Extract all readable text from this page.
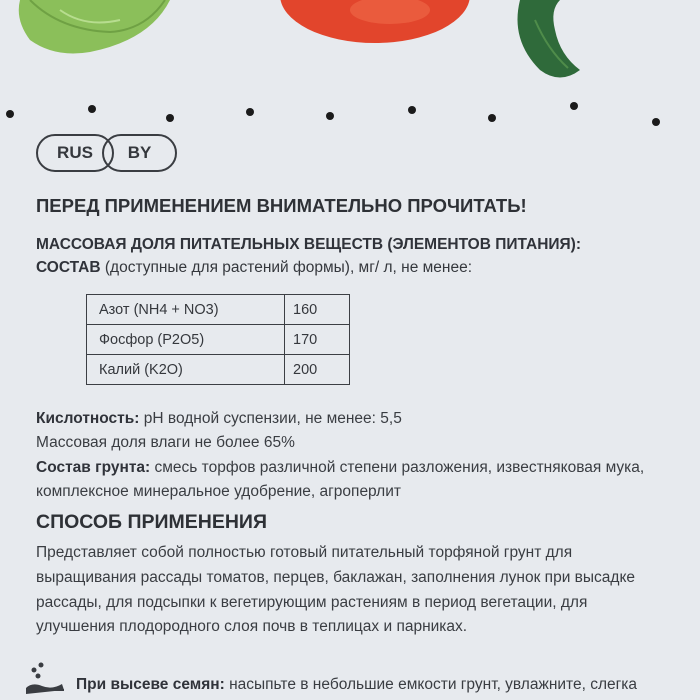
RUS	BY
ПЕРЕД ПРИМЕНЕНИЕМ ВНИМАТЕЛЬНО ПРОЧИТАТЬ!
МАССОВАЯ ДОЛЯ ПИТАТЕЛЬНЫХ ВЕЩЕСТВ (ЭЛЕМЕНТОВ ПИТАНИЯ):
СОСТАВ (доступные для растений формы), мг/ л, не менее:
Азот (NH4 + NO3)	160
Фосфор (P2O5)	170
Калий (K2O)	200
Кислотность: pH водной суспензии, не менее: 5,5
Массовая доля влаги не более 65%
Состав грунта: смесь торфов различной степени разложения, известняковая мука,
комплексное минеральное удобрение, агроперлит
СПОСОБ ПРИМЕНЕНИЯ
Представляет собой полностью готовый питательный торфяной грунт для
выращивания рассады томатов, перцев, баклажан, заполнения лунок при высадке
рассады, для подсыпки к вегетирующим растениям в период вегетации, для
улучшения плодородного слоя почв в теплицах и парниках.
При высеве семян: насыпьте в небольшие емкости грунт, увлажните, слегка
